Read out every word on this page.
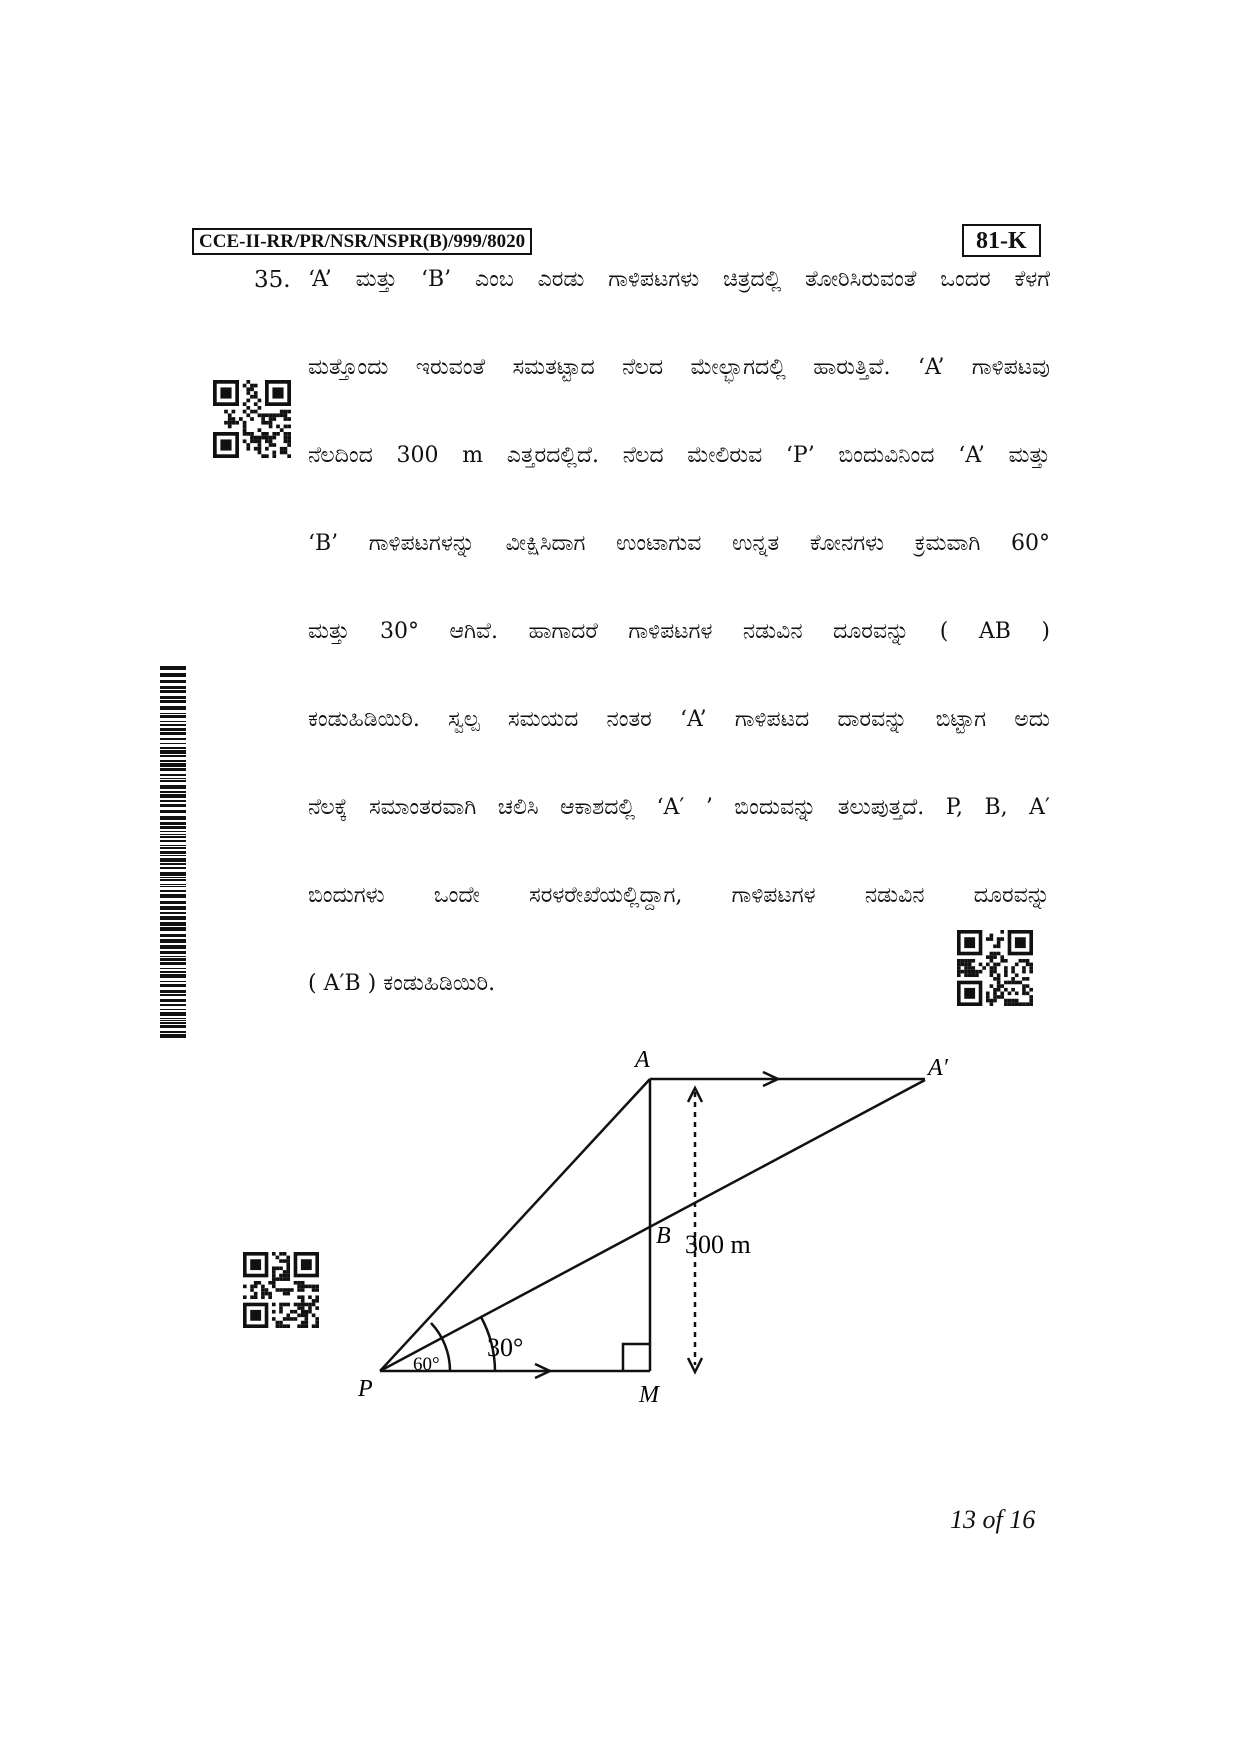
CCE-II-RR/PR/NSR/NSPR(B)/999/8020	81-K
35. ‘A’ ಮತ್ತು ‘B’ ಎಂಬ ಎರಡು ಗಾಳಿಪಟಗಳು ಚಿತ್ರದಲ್ಲಿ ತೋರಿಸಿರುವಂತೆ ಒಂದರ ಕೆಳಗೆ
ಮತ್ತೊಂದು ಇರುವಂತೆ ಸಮತಟ್ಟಾದ ನೆಲದ ಮೇಲ್ಭಾಗದಲ್ಲಿ ಹಾರುತ್ತಿವೆ. ‘A’ ಗಾಳಿಪಟವು
ನೆಲದಿಂದ 300 m ಎತ್ತರದಲ್ಲಿದೆ. ನೆಲದ ಮೇಲಿರುವ ‘P’ ಬಿಂದುವಿನಿಂದ ‘A’ ಮತ್ತು
‘B’ ಗಾಳಿಪಟಗಳನ್ನು ವೀಕ್ಷಿಸಿದಾಗ ಉಂಟಾಗುವ ಉನ್ನತ ಕೋನಗಳು ಕ್ರಮವಾಗಿ 60°
ಮತ್ತು 30° ಆಗಿವೆ. ಹಾಗಾದರೆ ಗಾಳಿಪಟಗಳ ನಡುವಿನ ದೂರವನ್ನು ( AB )
ಕಂಡುಹಿಡಿಯಿರಿ. ಸ್ವಲ್ಪ ಸಮಯದ ನಂತರ ‘A’ ಗಾಳಿಪಟದ ದಾರವನ್ನು ಬಿಟ್ಟಾಗ ಅದು
ನೆಲಕ್ಕೆ ಸಮಾಂತರವಾಗಿ ಚಲಿಸಿ ಆಕಾಶದಲ್ಲಿ ‘A′ ’ ಬಿಂದುವನ್ನು ತಲುಪುತ್ತದೆ. P, B, A′
ಬಿಂದುಗಳು ಒಂದೇ ಸರಳರೇಖೆಯಲ್ಲಿದ್ದಾಗ, ಗಾಳಿಪಟಗಳ ನಡುವಿನ ದೂರವನ್ನು
( A′B ) ಕಂಡುಹಿಡಿಯಿರಿ.
A	A′
B
P	M
300 m
60°
30°
13 of 16
